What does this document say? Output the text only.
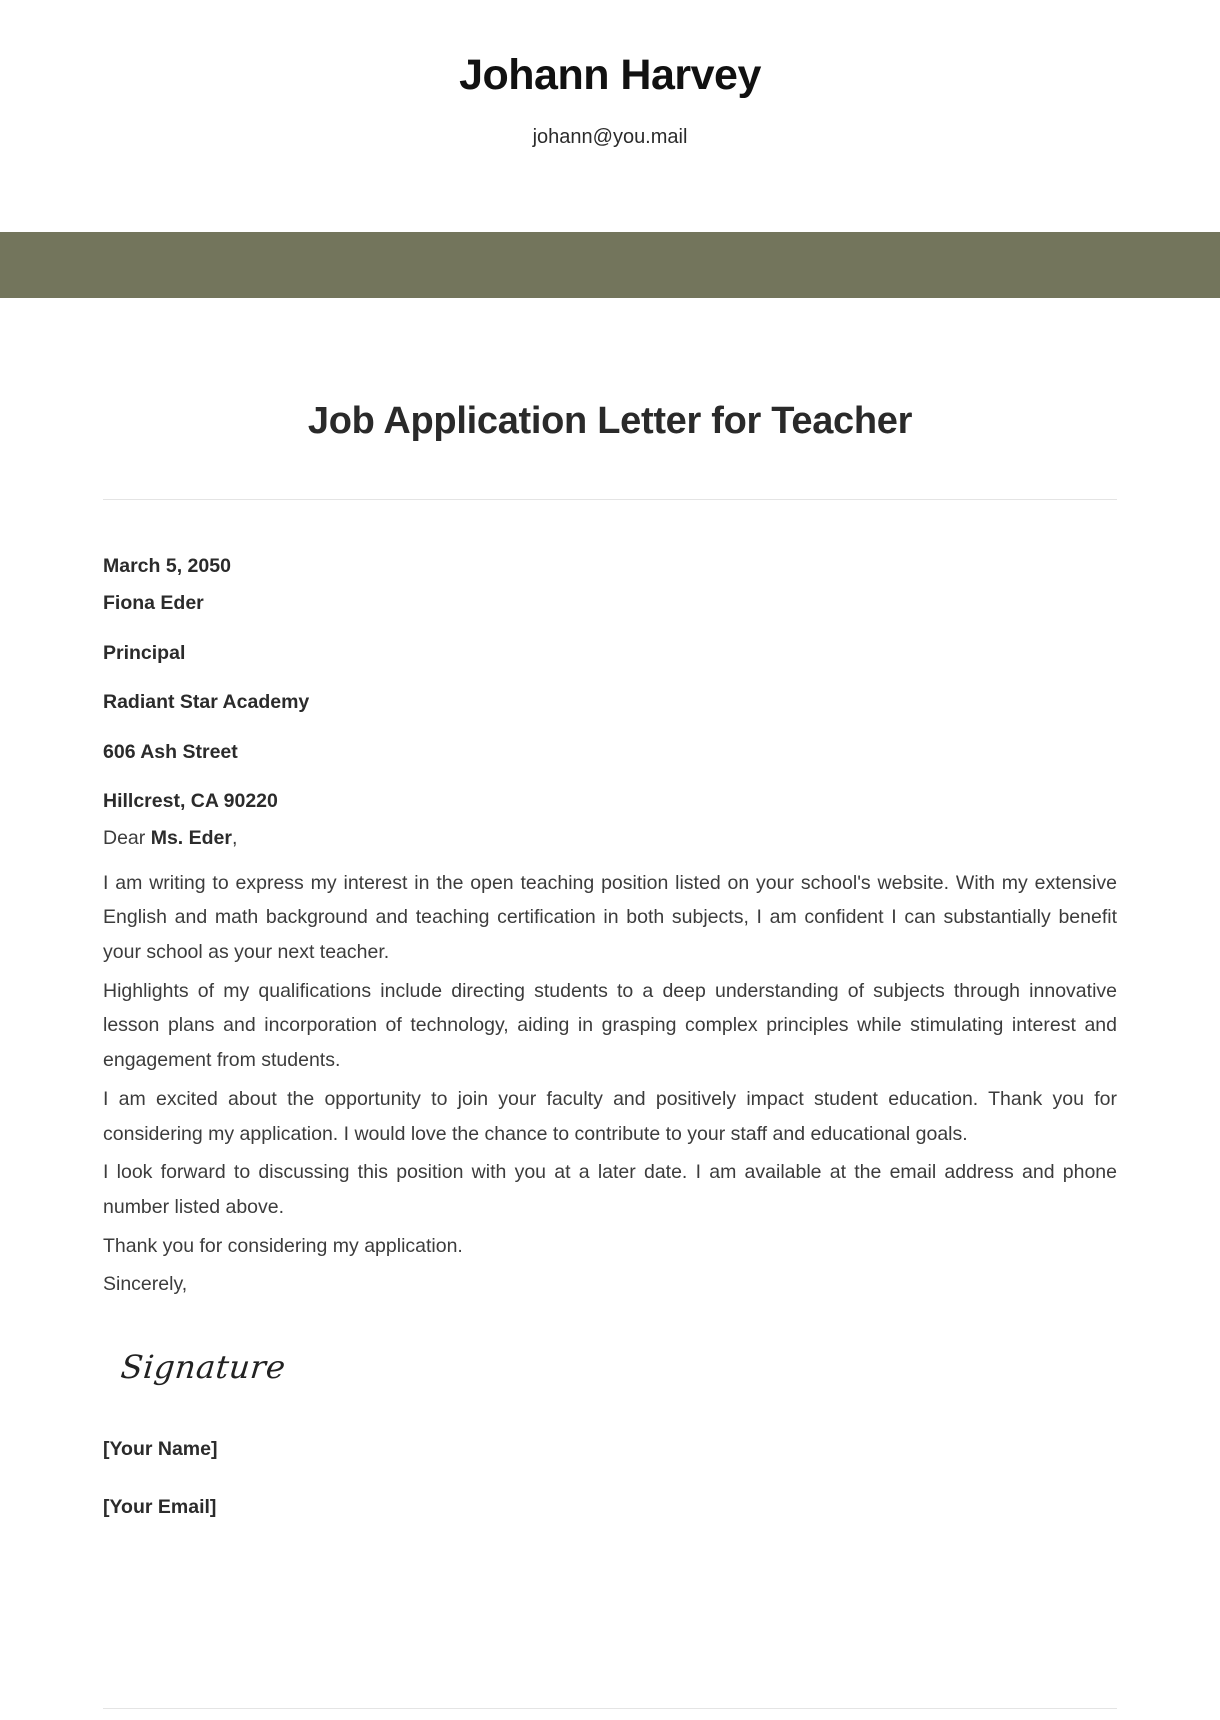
Johann Harvey
johann@you.mail
Job Application Letter for Teacher
March 5, 2050
Fiona Eder
Principal
Radiant Star Academy
606 Ash Street
Hillcrest, CA 90220
Dear Ms. Eder,

I am writing to express my interest in the open teaching position listed on your school's website. With my extensive English and math background and teaching certification in both subjects, I am confident I can substantially benefit your school as your next teacher.

Highlights of my qualifications include directing students to a deep understanding of subjects through innovative lesson plans and incorporation of technology, aiding in grasping complex principles while stimulating interest and engagement from students.

I am excited about the opportunity to join your faculty and positively impact student education. Thank you for considering my application. I would love the chance to contribute to your staff and educational goals.

I look forward to discussing this position with you at a later date. I am available at the email address and phone number listed above.

Thank you for considering my application.

Sincerely,
Signature
[Your Name]
[Your Email]
